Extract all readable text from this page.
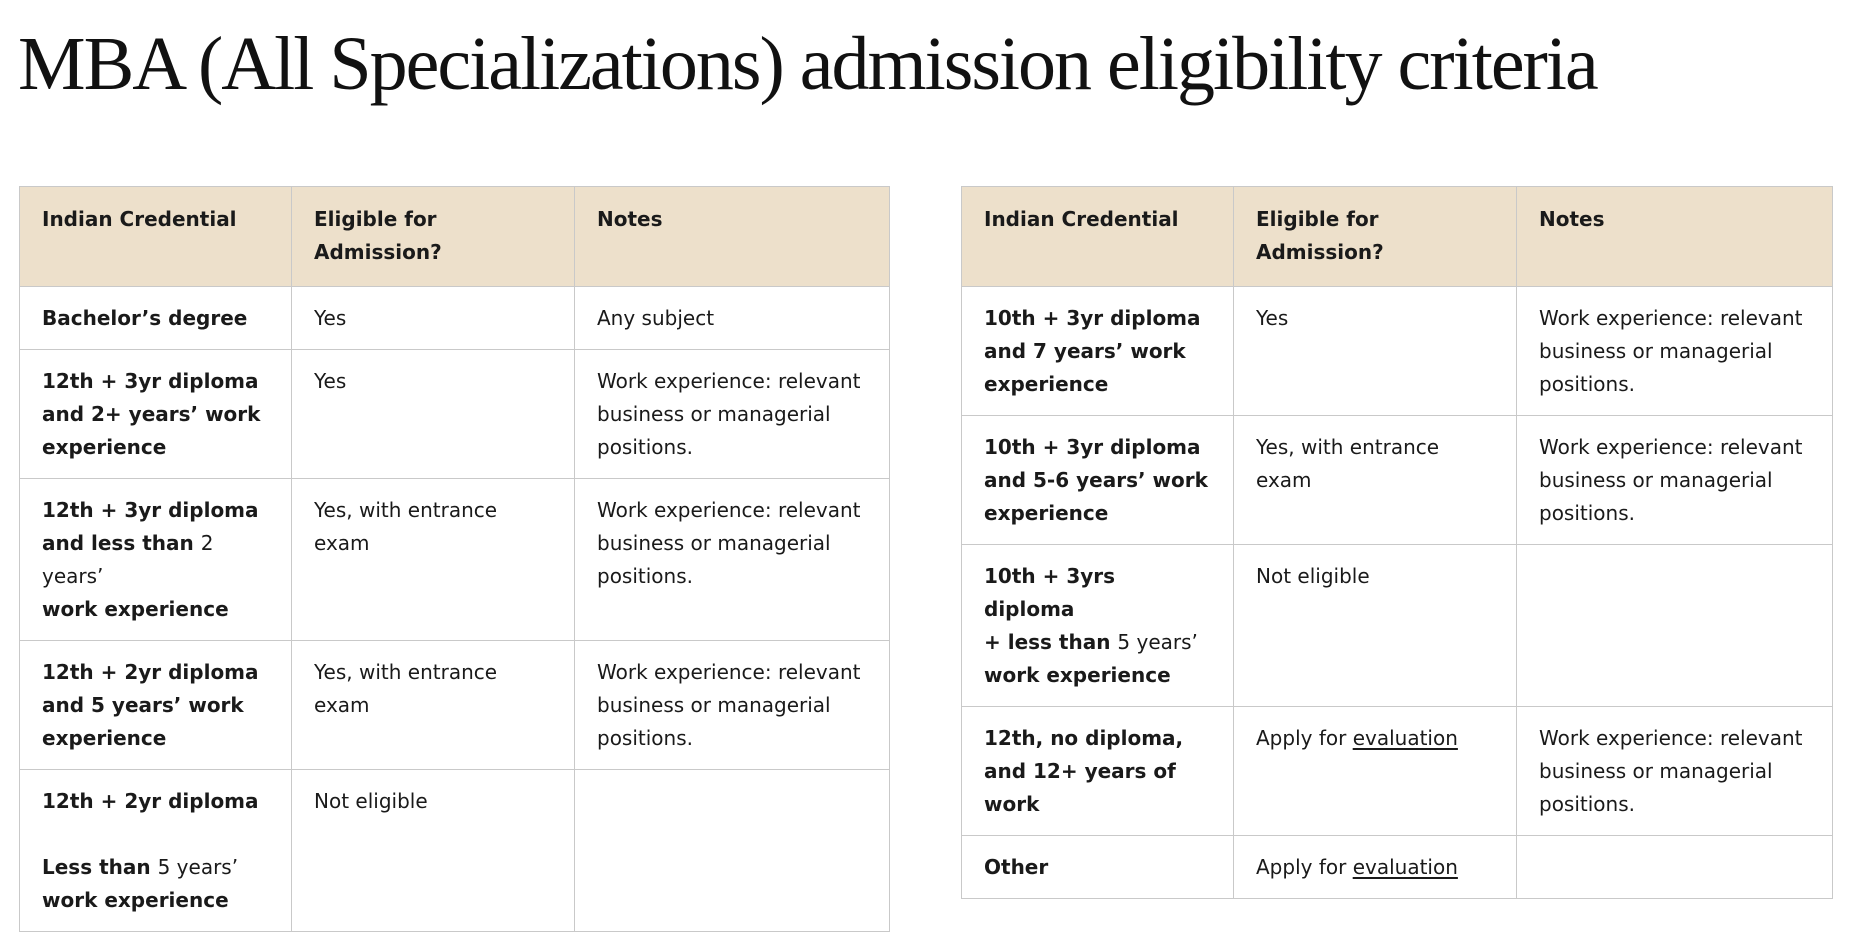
MBA (All Specializations) admission eligibility criteria
Indian Credential	Eligible for Admission?	Notes
Bachelor’s degree	Yes	Any subject
12th + 3yr diploma
and 2+ years’ work experience	Yes	Work experience: relevant business or managerial positions.
12th + 3yr diploma
and less than 2 years’
work experience	Yes, with entrance exam	Work experience: relevant business or managerial positions.
12th + 2yr diploma
and 5 years’ work experience	Yes, with entrance exam	Work experience: relevant business or managerial positions.
12th + 2yr diploma
Less than 5 years’
work experience	Not eligible	
Indian Credential	Eligible for Admission?	Notes
10th + 3yr diploma
and 7 years’ work experience	Yes	Work experience: relevant business or managerial positions.
10th + 3yr diploma
and 5-6 years’ work experience	Yes, with entrance exam	Work experience: relevant business or managerial positions.
10th + 3yrs diploma
+ less than 5 years’
work experience	Not eligible	
12th, no diploma,
and 12+ years of work	Apply for evaluation	Work experience: relevant business or managerial positions.
Other	Apply for evaluation	
